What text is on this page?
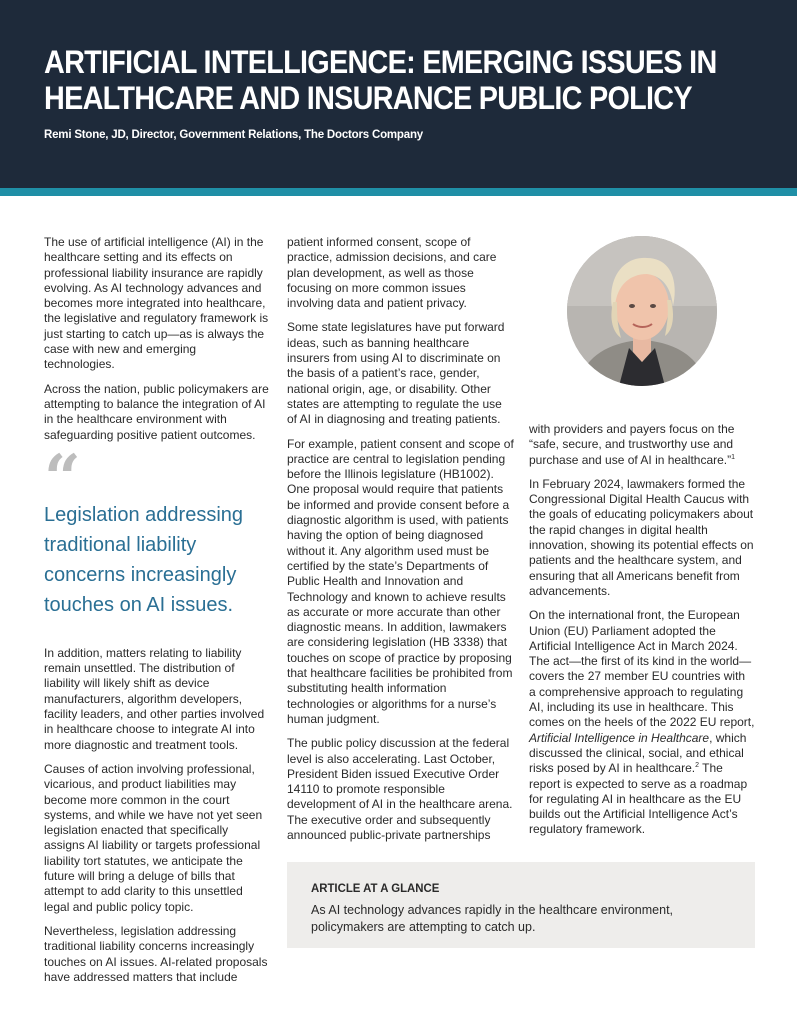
ARTIFICIAL INTELLIGENCE: EMERGING ISSUES IN
HEALTHCARE AND INSURANCE PUBLIC POLICY

Remi Stone, JD, Director, Government Relations, The Doctors Company

The use of artificial intelligence (AI) in the healthcare setting and its effects on professional liability insurance are rapidly evolving. As AI technology advances and becomes more integrated into healthcare, the legislative and regulatory framework is just starting to catch up—as is always the case with new and emerging technologies.

Across the nation, public policymakers are attempting to balance the integration of AI in the healthcare environment with safeguarding positive patient outcomes.

“
Legislation addressing traditional liability concerns increasingly touches on AI issues.

In addition, matters relating to liability remain unsettled. The distribution of liability will likely shift as device manufacturers, algorithm developers, facility leaders, and other parties involved in healthcare choose to integrate AI into more diagnostic and treatment tools.

Causes of action involving professional, vicarious, and product liabilities may become more common in the court systems, and while we have not yet seen legislation enacted that specifically assigns AI liability or targets professional liability tort statutes, we anticipate the future will bring a deluge of bills that attempt to add clarity to this unsettled legal and public policy topic.

Nevertheless, legislation addressing traditional liability concerns increasingly touches on AI issues. AI-related proposals have addressed matters that include

patient informed consent, scope of practice, admission decisions, and care plan development, as well as those focusing on more common issues involving data and patient privacy.

Some state legislatures have put forward ideas, such as banning healthcare insurers from using AI to discriminate on the basis of a patient’s race, gender, national origin, age, or disability. Other states are attempting to regulate the use of AI in diagnosing and treating patients.

For example, patient consent and scope of practice are central to legislation pending before the Illinois legislature (HB1002). One proposal would require that patients be informed and provide consent before a diagnostic algorithm is used, with patients having the option of being diagnosed without it. Any algorithm used must be certified by the state’s Departments of Public Health and Innovation and Technology and known to achieve results as accurate or more accurate than other diagnostic means. In addition, lawmakers are considering legislation (HB 3338) that touches on scope of practice by proposing that healthcare facilities be prohibited from substituting health information technologies or algorithms for a nurse’s human judgment.

The public policy discussion at the federal level is also accelerating. Last October, President Biden issued Executive Order 14110 to promote responsible development of AI in the healthcare arena. The executive order and subsequently announced public-private partnerships

with providers and payers focus on the “safe, secure, and trustworthy use and purchase and use of AI in healthcare.”$^1$

In February 2024, lawmakers formed the Congressional Digital Health Caucus with the goals of educating policymakers about the rapid changes in digital health innovation, showing its potential effects on patients and the healthcare system, and ensuring that all Americans benefit from advancements.

On the international front, the European Union (EU) Parliament adopted the Artificial Intelligence Act in March 2024. The act—the first of its kind in the world—covers the 27 member EU countries with a comprehensive approach to regulating AI, including its use in healthcare. This comes on the heels of the 2022 EU report, Artificial Intelligence in Healthcare, which discussed the clinical, social, and ethical risks posed by AI in healthcare.$^2$ The report is expected to serve as a roadmap for regulating AI in healthcare as the EU builds out the Artificial Intelligence Act’s regulatory framework.

ARTICLE AT A GLANCE

As AI technology advances rapidly in the healthcare environment, policymakers are attempting to catch up.
